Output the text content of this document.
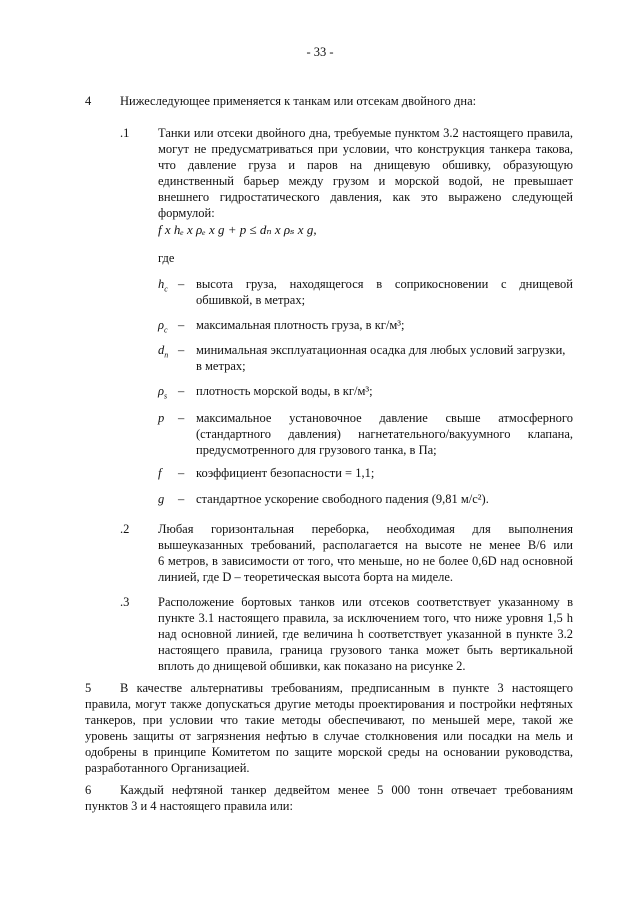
- 33 -
4 Нижеследующее применяется к танкам или отсекам двойного дна:
.1 Танки или отсеки двойного дна, требуемые пунктом 3.2 настоящего правила,
могут не предусматриваться при условии, что конструкция танкера такова,
что давление груза и паров на днищевую обшивку, образующую
единственный барьер между грузом и морской водой, не превышает
внешнего гидростатического давления, как это выражено следующей
формулой:
f x hₑ x ρₑ x g + p ≤ dₙ x ρₛ x g,
где
$h_c$ – высота груза, находящегося в соприкосновении с днищевой
обшивкой, в метрах;
$\rho_c$ – максимальная плотность груза, в кг/м³;
$d_n$ – минимальная эксплуатационная осадка для любых условий загрузки,
в метрах;
$\rho_s$ – плотность морской воды, в кг/м³;
p – максимальное установочное давление свыше атмосферного
(стандартного давления) нагнетательного/вакуумного клапана,
предусмотренного для грузового танка, в Па;
f – коэффициент безопасности = 1,1;
g – стандартное ускорение свободного падения (9,81 м/с²).
.2 Любая горизонтальная переборка, необходимая для выполнения
вышеуказанных требований, располагается на высоте не менее B/6 или
6 метров, в зависимости от того, что меньше, но не более 0,6D над основной
линией, где D – теоретическая высота борта на миделе.
.3 Расположение бортовых танков или отсеков соответствует указанному в
пункте 3.1 настоящего правила, за исключением того, что ниже уровня 1,5 h
над основной линией, где величина h соответствует указанной в пункте 3.2
настоящего правила, граница грузового танка может быть вертикальной
вплоть до днищевой обшивки, как показано на рисунке 2.
5	В качестве альтернативы требованиям, предписанным в пункте 3 настоящего
правила, могут также допускаться другие методы проектирования и постройки нефтяных
танкеров, при условии что такие методы обеспечивают, по меньшей мере, такой же
уровень защиты от загрязнения нефтью в случае столкновения или посадки на мель и
одобрены в принципе Комитетом по защите морской среды на основании руководства,
разработанного Организацией.
6	Каждый нефтяной танкер дедвейтом менее 5 000 тонн отвечает требованиям
пунктов 3 и 4 настоящего правила или:
